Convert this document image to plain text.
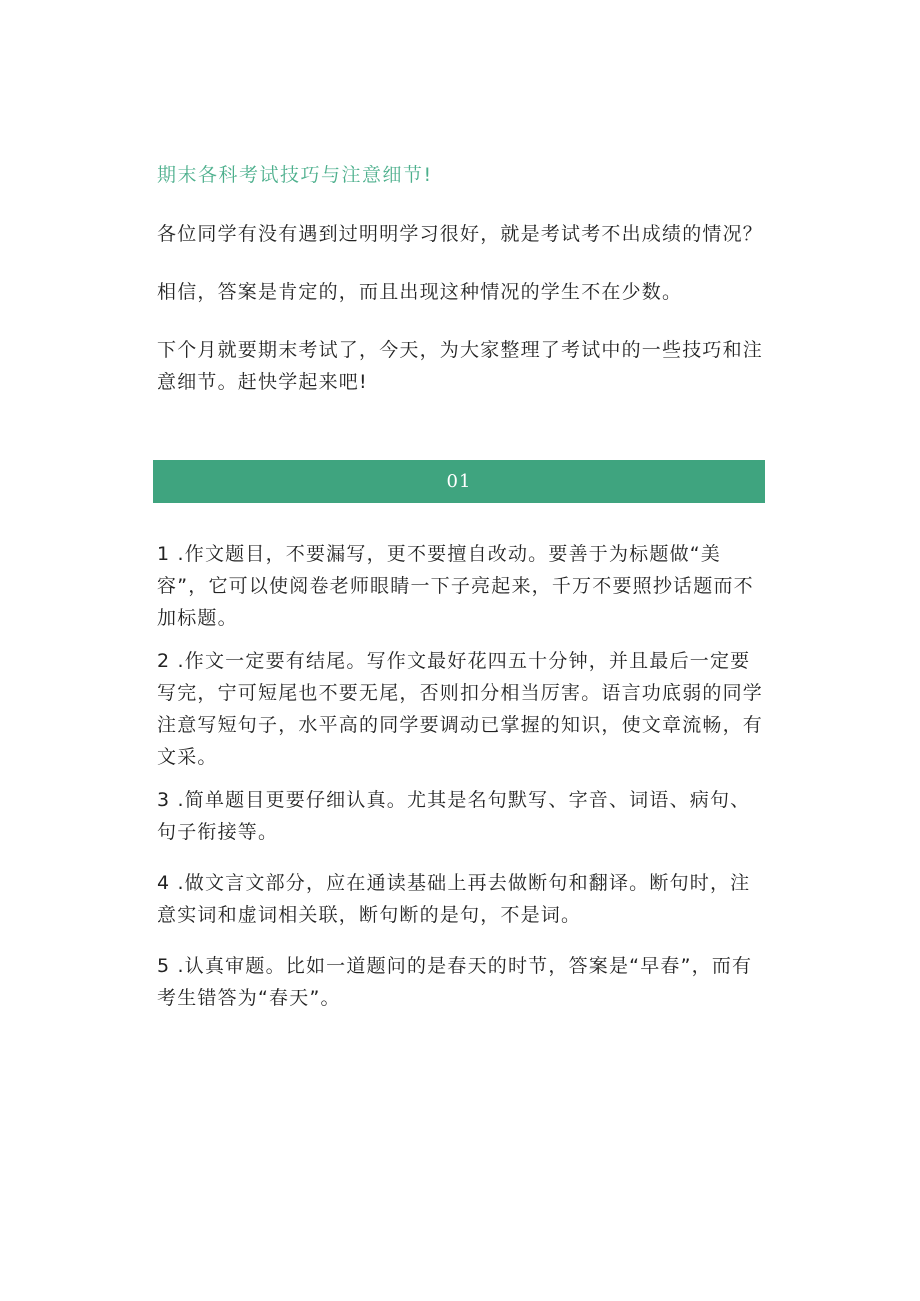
期末各科考试技巧与注意细节!

各位同学有没有遇到过明明学习很好，就是考试考不出成绩的情况？

相信，答案是肯定的，而且出现这种情况的学生不在少数。

下个月就要期末考试了，今天，为大家整理了考试中的一些技巧和注意细节。赶快学起来吧!

01

1 .作文题目，不要漏写，更不要擅自改动。要善于为标题做“美容”，它可以使阅卷老师眼睛一下子亮起来，千万不要照抄话题而不加标题。

2 .作文一定要有结尾。写作文最好花四五十分钟，并且最后一定要写完，宁可短尾也不要无尾，否则扣分相当厉害。语言功底弱的同学注意写短句子，水平高的同学要调动已掌握的知识，使文章流畅，有文采。

3 .简单题目更要仔细认真。尤其是名句默写、字音、词语、病句、句子衔接等。

4 .做文言文部分，应在通读基础上再去做断句和翻译。断句时，注意实词和虚词相关联，断句断的是句，不是词。

5 .认真审题。比如一道题问的是春天的时节，答案是“早春”，而有考生错答为“春天”。
